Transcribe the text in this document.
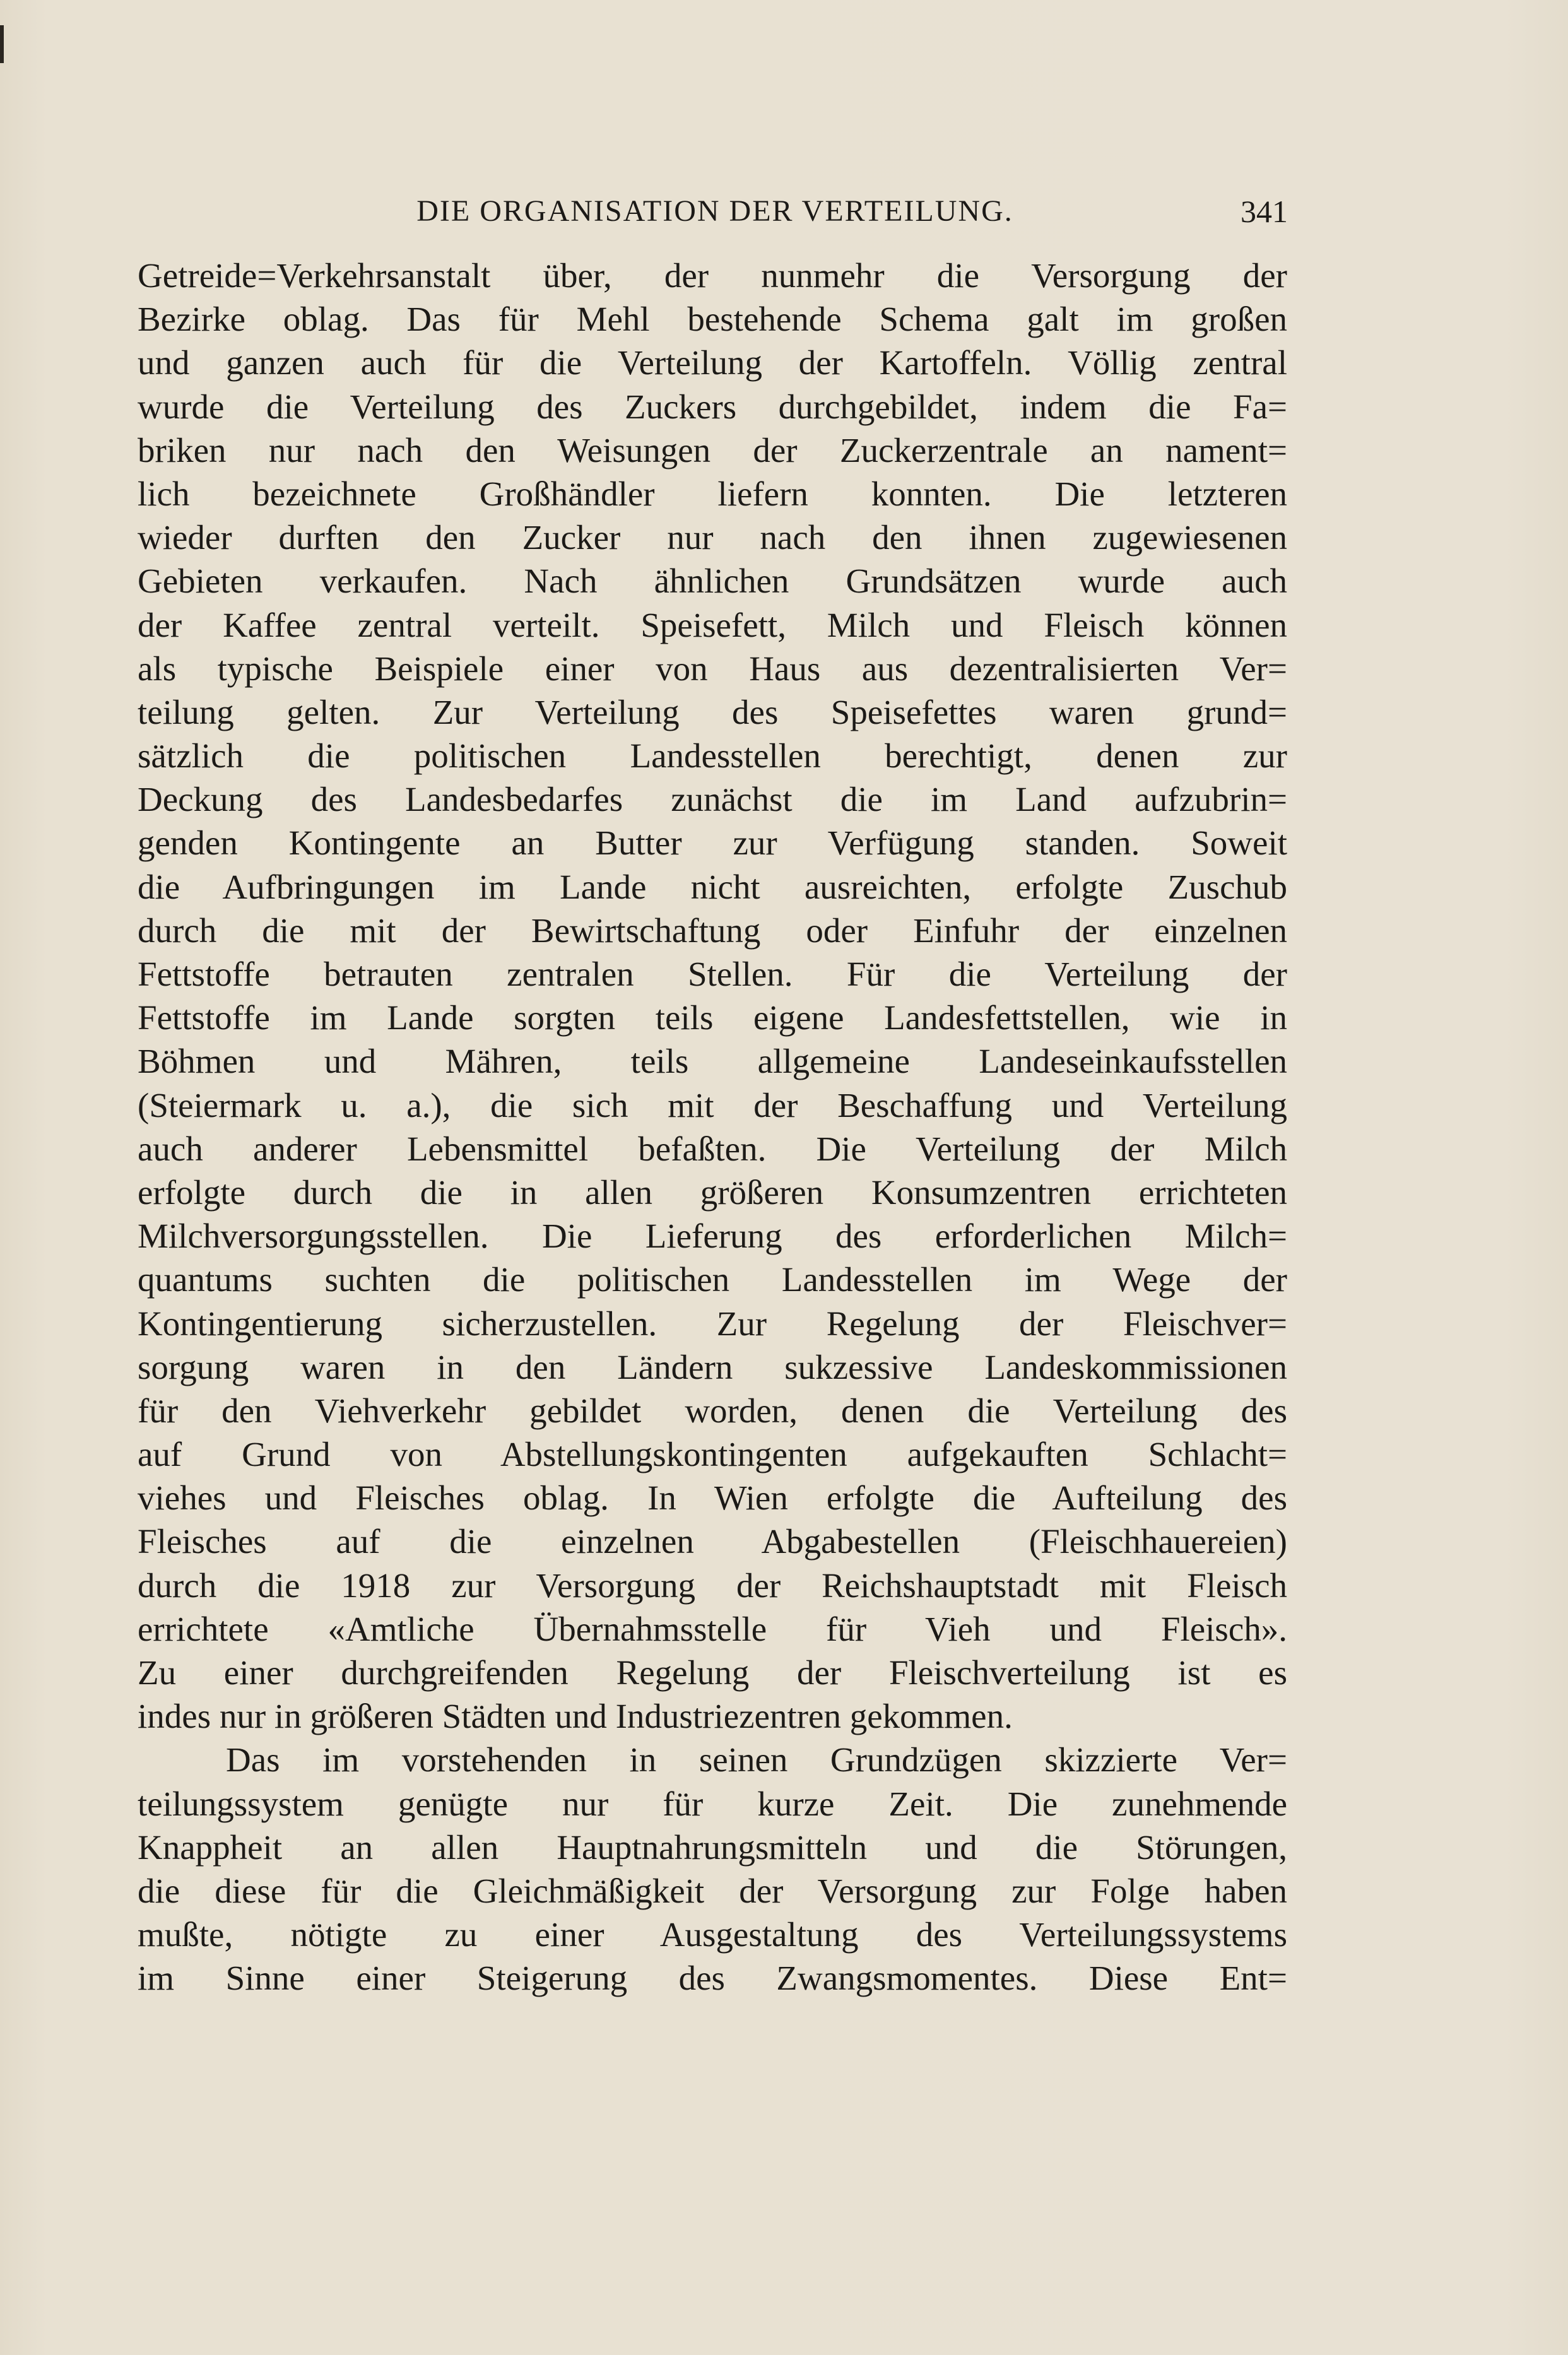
DIE ORGANISATION DER VERTEILUNG.	341
Getreide=Verkehrsanstalt über, der nunmehr die Versorgung der
Bezirke oblag. Das für Mehl bestehende Schema galt im großen
und ganzen auch für die Verteilung der Kartoffeln. Völlig zentral
wurde die Verteilung des Zuckers durchgebildet, indem die Fa=
briken nur nach den Weisungen der Zuckerzentrale an nament=
lich bezeichnete Großhändler liefern konnten. Die letzteren
wieder durften den Zucker nur nach den ihnen zugewiesenen
Gebieten verkaufen. Nach ähnlichen Grundsätzen wurde auch
der Kaffee zentral verteilt. Speisefett, Milch und Fleisch können
als typische Beispiele einer von Haus aus dezentralisierten Ver=
teilung gelten. Zur Verteilung des Speisefettes waren grund=
sätzlich die politischen Landesstellen berechtigt, denen zur
Deckung des Landesbedarfes zunächst die im Land aufzubrin=
genden Kontingente an Butter zur Verfügung standen. Soweit
die Aufbringungen im Lande nicht ausreichten, erfolgte Zuschub
durch die mit der Bewirtschaftung oder Einfuhr der einzelnen
Fettstoffe betrauten zentralen Stellen. Für die Verteilung der
Fettstoffe im Lande sorgten teils eigene Landesfettstellen, wie in
Böhmen und Mähren, teils allgemeine Landeseinkaufsstellen
(Steiermark u. a.), die sich mit der Beschaffung und Verteilung
auch anderer Lebensmittel befaßten. Die Verteilung der Milch
erfolgte durch die in allen größeren Konsumzentren errichteten
Milchversorgungsstellen. Die Lieferung des erforderlichen Milch=
quantums suchten die politischen Landesstellen im Wege der
Kontingentierung sicherzustellen. Zur Regelung der Fleischver=
sorgung waren in den Ländern sukzessive Landeskommissionen
für den Viehverkehr gebildet worden, denen die Verteilung des
auf Grund von Abstellungskontingenten aufgekauften Schlacht=
viehes und Fleisches oblag. In Wien erfolgte die Aufteilung des
Fleisches auf die einzelnen Abgabestellen (Fleischhauereien)
durch die 1918 zur Versorgung der Reichshauptstadt mit Fleisch
errichtete «Amtliche Übernahmsstelle für Vieh und Fleisch».
Zu einer durchgreifenden Regelung der Fleischverteilung ist es
indes nur in größeren Städten und Industriezentren gekommen.
Das im vorstehenden in seinen Grundzügen skizzierte Ver=
teilungssystem genügte nur für kurze Zeit. Die zunehmende
Knappheit an allen Hauptnahrungsmitteln und die Störungen,
die diese für die Gleichmäßigkeit der Versorgung zur Folge haben
mußte, nötigte zu einer Ausgestaltung des Verteilungssystems
im Sinne einer Steigerung des Zwangsmomentes. Diese Ent=
